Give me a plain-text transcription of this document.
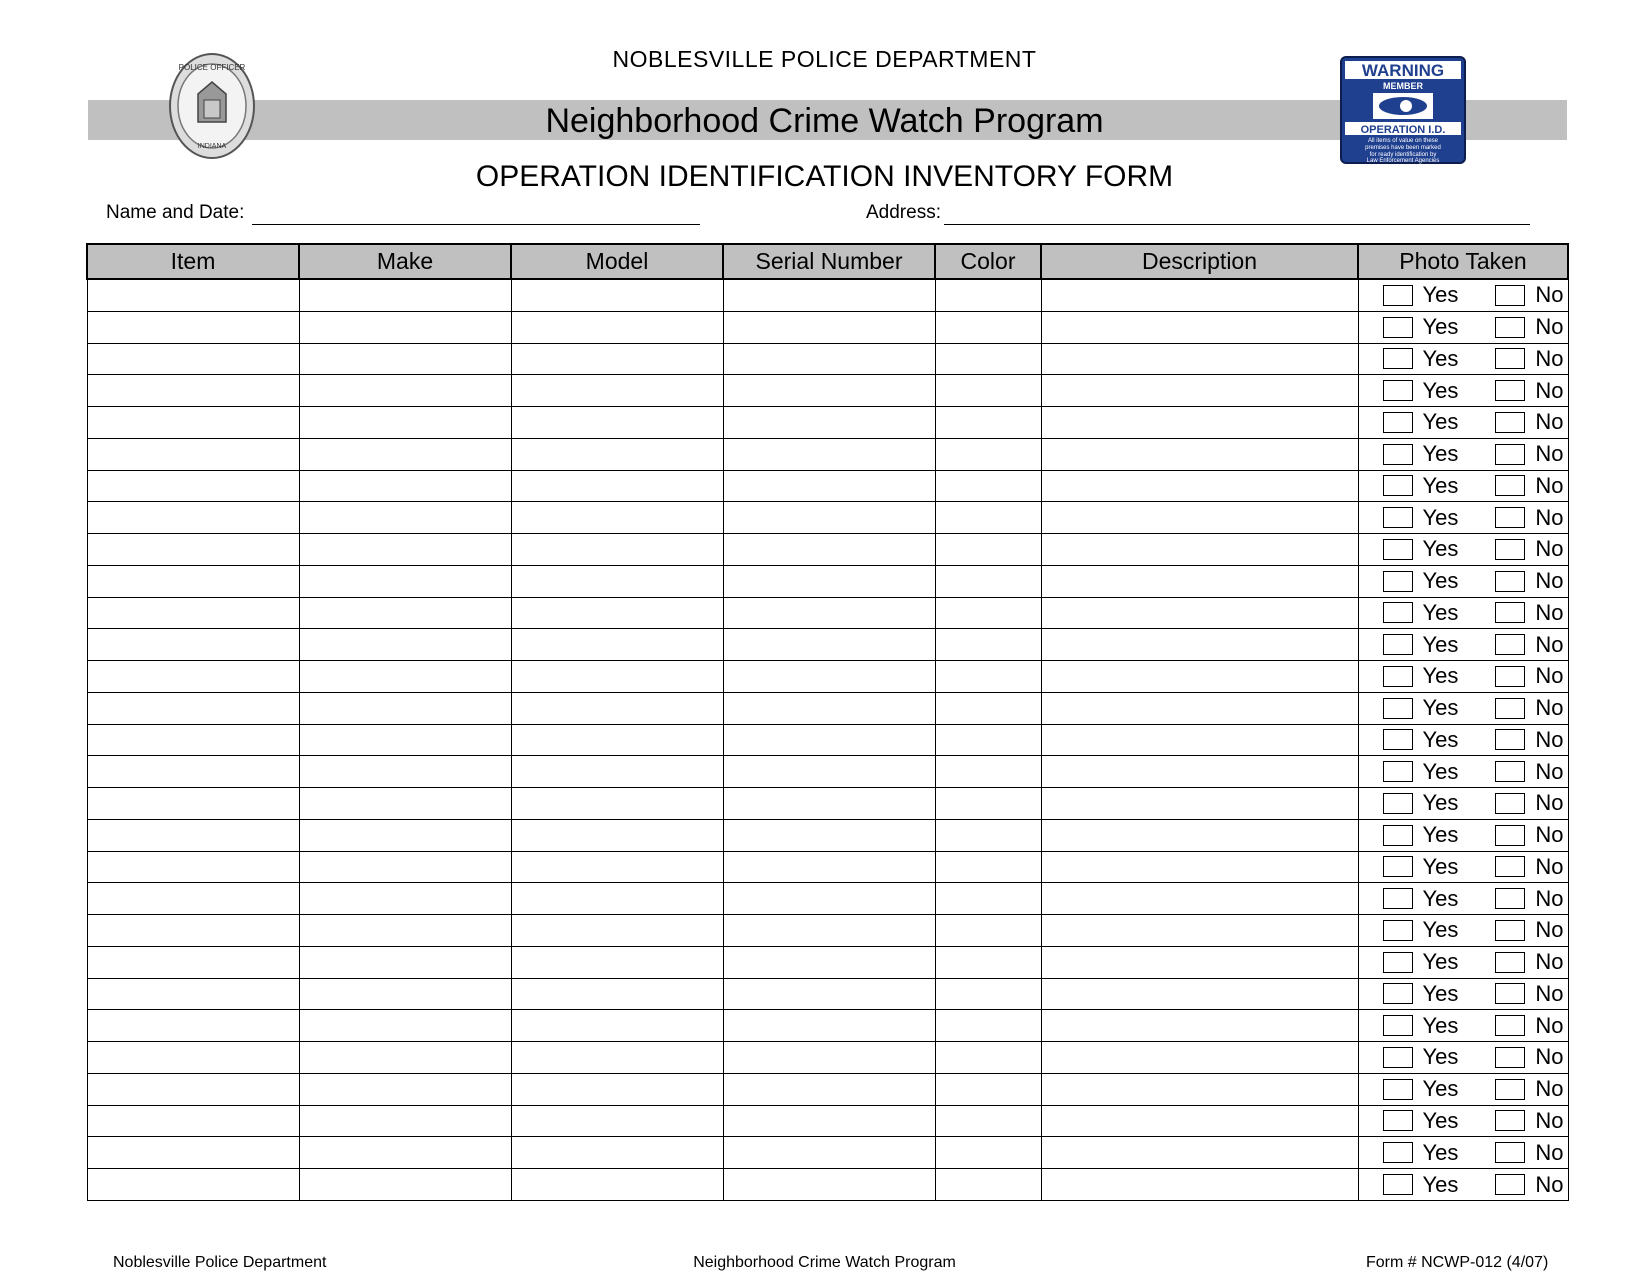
NOBLESVILLE POLICE DEPARTMENT
Neighborhood Crime Watch Program
POLICE OFFICER
INDIANA
WARNING
MEMBER
OPERATION I.D.
All items of value on these
premises have been marked
for ready identification by
Law Enforcement Agencies
OPERATION IDENTIFICATION INVENTORY FORM
Name and Date:	Address:
Item	Make	Model	Serial Number	Color	Description	Photo Taken

						Yes No

						Yes No

						Yes No

						Yes No

						Yes No

						Yes No

						Yes No

						Yes No

						Yes No

						Yes No

						Yes No

						Yes No

						Yes No

						Yes No

						Yes No

						Yes No

						Yes No

						Yes No

						Yes No

						Yes No

						Yes No

						Yes No

						Yes No

						Yes No

						Yes No

						Yes No

						Yes No

						Yes No

						Yes No
Noblesville Police Department	Neighborhood Crime Watch Program	Form # NCWP-012 (4/07)
